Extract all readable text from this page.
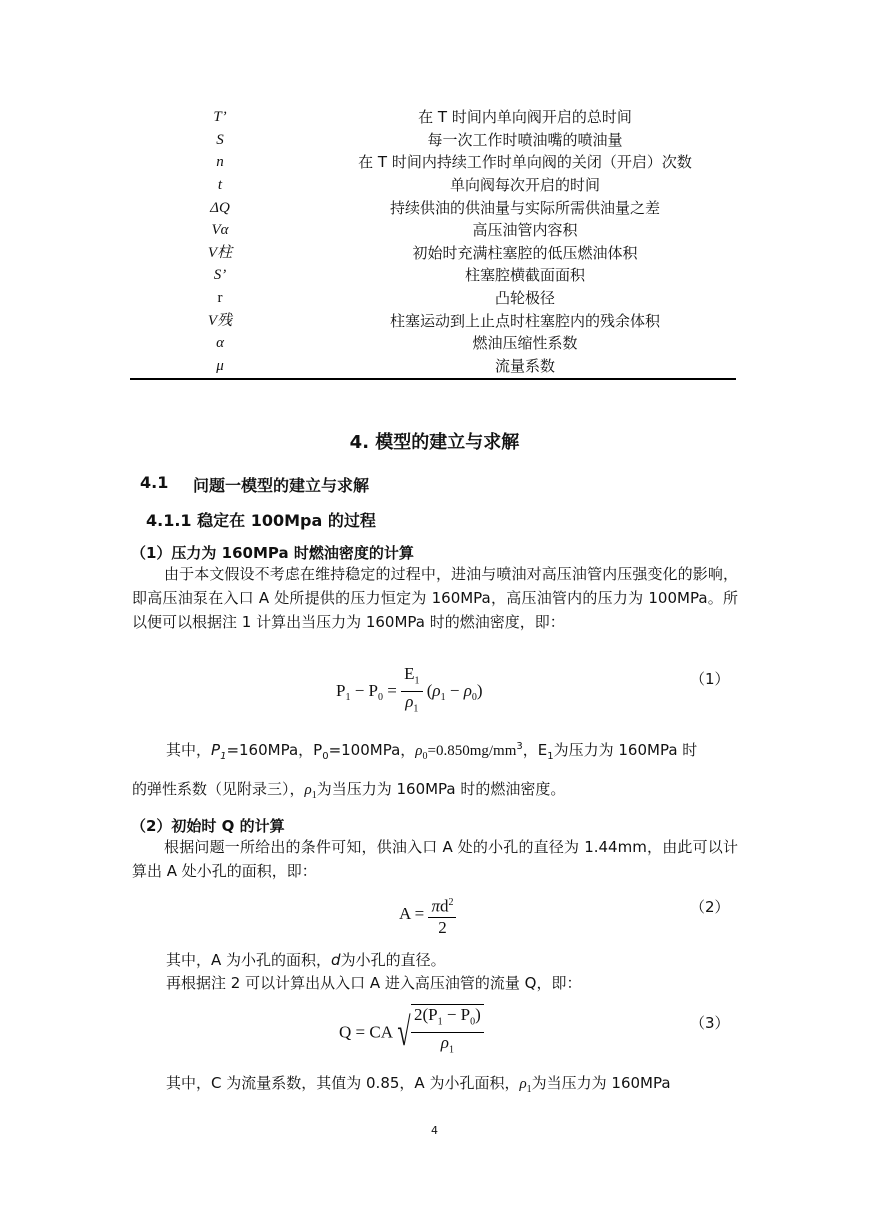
T’	在 T 时间内单向阀开启的总时间
S	每一次工作时喷油嘴的喷油量
n	在 T 时间内持续工作时单向阀的关闭（开启）次数
t	单向阀每次开启的时间
ΔQ	持续供油的供油量与实际所需供油量之差
Vα	高压油管内容积
V柱	初始时充满柱塞腔的低压燃油体积
S’	柱塞腔横截面面积
r	凸轮极径
V残	柱塞运动到上止点时柱塞腔内的残余体积
α	燃油压缩性系数
μ	流量系数
4. 模型的建立与求解
4.1 问题一模型的建立与求解
4.1.1 稳定在 100Mpa 的过程
（1）压力为 160MPa 时燃油密度的计算
由于本文假设不考虑在维持稳定的过程中，进油与喷油对高压油管内压强变化的影响，即高压油泵在入口 A 处所提供的压力恒定为 160MPa，高压油管内的压力为 100MPa。所以便可以根据注 1 计算出当压力为 160MPa 时的燃油密度，即：
$P_1 - P_0 = \frac{E_1}{\rho_1} (\rho_1 - \rho_0)$
（1）
其中，$P_1=160MPa$，$P_0=100MPa$，$\rho_0=0.850mg/mm^3$，$E_1$为压力为 160MPa 时
的弹性系数（见附录三），$\rho_1$为当压力为 160MPa 时的燃油密度。
（2）初始时 Q 的计算
根据问题一所给出的条件可知，供油入口 A 处的小孔的直径为 1.44mm，由此可以计算出 A 处小孔的面积，即：
$A = \frac{\pi d^2}{2}$	（2）
其中，A 为小孔的面积，d为小孔的直径。
再根据注 2 可以计算出从入口 A 进入高压油管的流量 Q，即：
Q = CA √ $\frac{2(P_1 - P_0)}{\rho_1}$	（3）
其中，C 为流量系数，其值为 0.85，A 为小孔面积，$\rho_1$为当压力为 160MPa
4
